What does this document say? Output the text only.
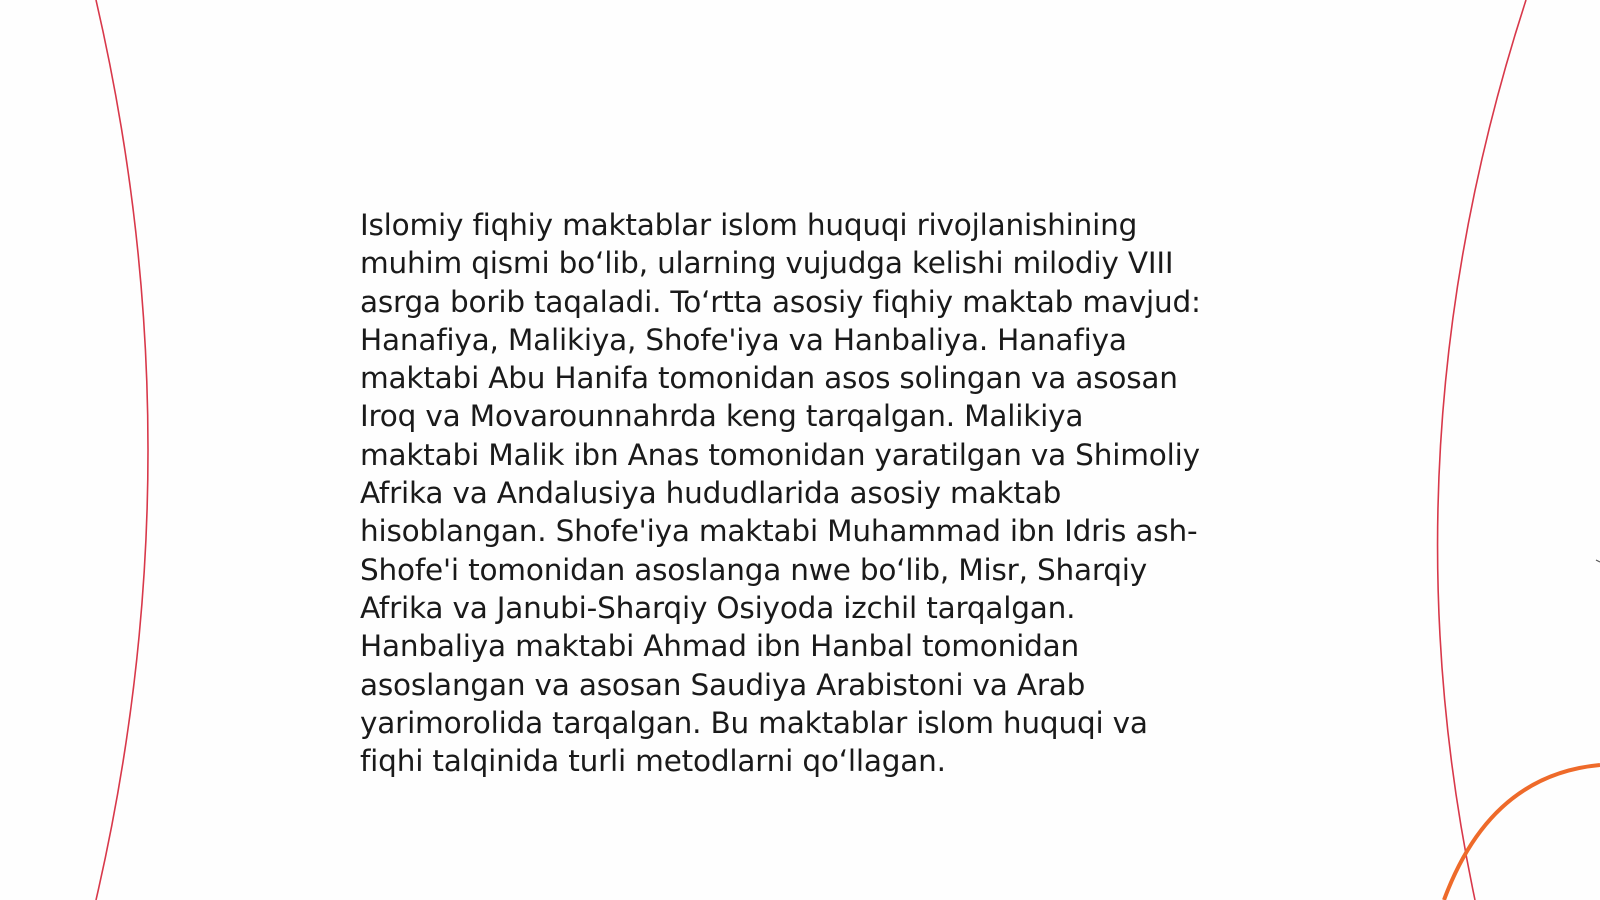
Islomiy fiqhiy maktablar islom huquqi rivojlanishining
muhim qismi boʻlib, ularning vujudga kelishi milodiy VIII
asrga borib taqaladi. Toʻrtta asosiy fiqhiy maktab mavjud:
Hanafiya, Malikiya, Shofe'iya va Hanbaliya. Hanafiya
maktabi Abu Hanifa tomonidan asos solingan va asosan
Iroq va Movarounnahrda keng tarqalgan. Malikiya
maktabi Malik ibn Anas tomonidan yaratilgan va Shimoliy
Afrika va Andalusiya hududlarida asosiy maktab
hisoblangan. Shofe'iya maktabi Muhammad ibn Idris ash-
Shofe'i tomonidan asoslanga nwe boʻlib, Misr, Sharqiy
Afrika va Janubi-Sharqiy Osiyoda izchil tarqalgan.
Hanbaliya maktabi Ahmad ibn Hanbal tomonidan
asoslangan va asosan Saudiya Arabistoni va Arab
yarimorolida tarqalgan. Bu maktablar islom huquqi va
fiqhi talqinida turli metodlarni qoʻllagan.
